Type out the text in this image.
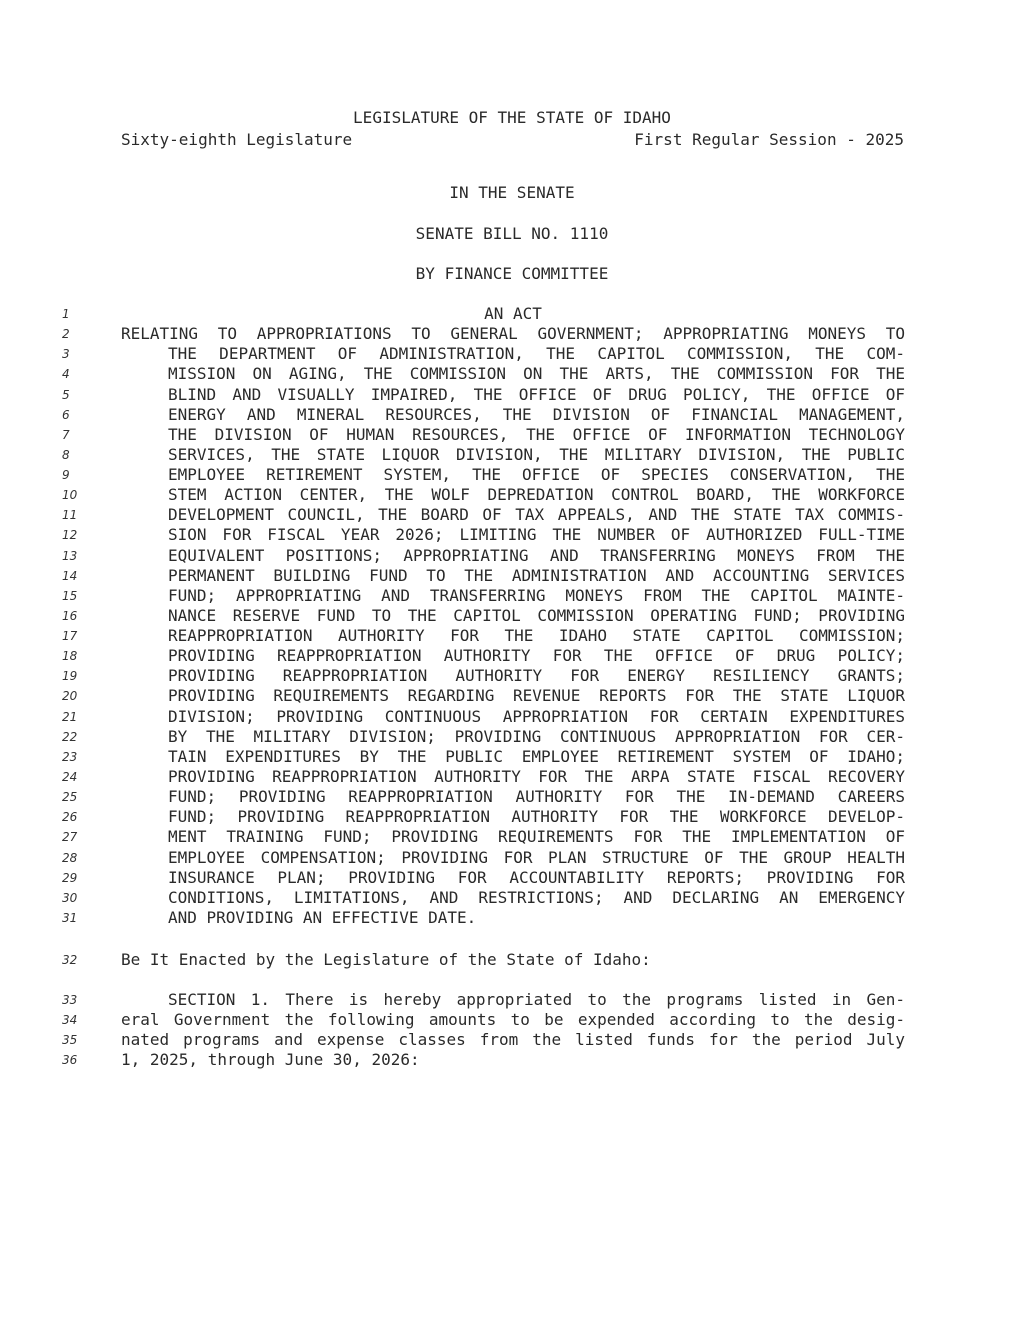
LEGISLATURE OF THE STATE OF IDAHO
Sixty-eighth Legislature	First Regular Session - 2025
IN THE SENATE
SENATE BILL NO. 1110
BY FINANCE COMMITTEE
1	AN ACT
2	RELATING TO APPROPRIATIONS TO GENERAL GOVERNMENT; APPROPRIATING MONEYS TO
3	THE DEPARTMENT OF ADMINISTRATION, THE CAPITOL COMMISSION, THE COM-
4	MISSION ON AGING, THE COMMISSION ON THE ARTS, THE COMMISSION FOR THE
5	BLIND AND VISUALLY IMPAIRED, THE OFFICE OF DRUG POLICY, THE OFFICE OF
6	ENERGY AND MINERAL RESOURCES, THE DIVISION OF FINANCIAL MANAGEMENT,
7	THE DIVISION OF HUMAN RESOURCES, THE OFFICE OF INFORMATION TECHNOLOGY
8	SERVICES, THE STATE LIQUOR DIVISION, THE MILITARY DIVISION, THE PUBLIC
9	EMPLOYEE RETIREMENT SYSTEM, THE OFFICE OF SPECIES CONSERVATION, THE
10	STEM ACTION CENTER, THE WOLF DEPREDATION CONTROL BOARD, THE WORKFORCE
11	DEVELOPMENT COUNCIL, THE BOARD OF TAX APPEALS, AND THE STATE TAX COMMIS-
12	SION FOR FISCAL YEAR 2026; LIMITING THE NUMBER OF AUTHORIZED FULL-TIME
13	EQUIVALENT POSITIONS; APPROPRIATING AND TRANSFERRING MONEYS FROM THE
14	PERMANENT BUILDING FUND TO THE ADMINISTRATION AND ACCOUNTING SERVICES
15	FUND; APPROPRIATING AND TRANSFERRING MONEYS FROM THE CAPITOL MAINTE-
16	NANCE RESERVE FUND TO THE CAPITOL COMMISSION OPERATING FUND; PROVIDING
17	REAPPROPRIATION AUTHORITY FOR THE IDAHO STATE CAPITOL COMMISSION;
18	PROVIDING REAPPROPRIATION AUTHORITY FOR THE OFFICE OF DRUG POLICY;
19	PROVIDING REAPPROPRIATION AUTHORITY FOR ENERGY RESILIENCY GRANTS;
20	PROVIDING REQUIREMENTS REGARDING REVENUE REPORTS FOR THE STATE LIQUOR
21	DIVISION; PROVIDING CONTINUOUS APPROPRIATION FOR CERTAIN EXPENDITURES
22	BY THE MILITARY DIVISION; PROVIDING CONTINUOUS APPROPRIATION FOR CER-
23	TAIN EXPENDITURES BY THE PUBLIC EMPLOYEE RETIREMENT SYSTEM OF IDAHO;
24	PROVIDING REAPPROPRIATION AUTHORITY FOR THE ARPA STATE FISCAL RECOVERY
25	FUND; PROVIDING REAPPROPRIATION AUTHORITY FOR THE IN-DEMAND CAREERS
26	FUND; PROVIDING REAPPROPRIATION AUTHORITY FOR THE WORKFORCE DEVELOP-
27	MENT TRAINING FUND; PROVIDING REQUIREMENTS FOR THE IMPLEMENTATION OF
28	EMPLOYEE COMPENSATION; PROVIDING FOR PLAN STRUCTURE OF THE GROUP HEALTH
29	INSURANCE PLAN; PROVIDING FOR ACCOUNTABILITY REPORTS; PROVIDING FOR
30	CONDITIONS, LIMITATIONS, AND RESTRICTIONS; AND DECLARING AN EMERGENCY
31	AND PROVIDING AN EFFECTIVE DATE.
32	Be It Enacted by the Legislature of the State of Idaho:
33	SECTION 1. There is hereby appropriated to the programs listed in Gen-
34	eral Government the following amounts to be expended according to the desig-
35	nated programs and expense classes from the listed funds for the period July
36	1, 2025, through June 30, 2026:
